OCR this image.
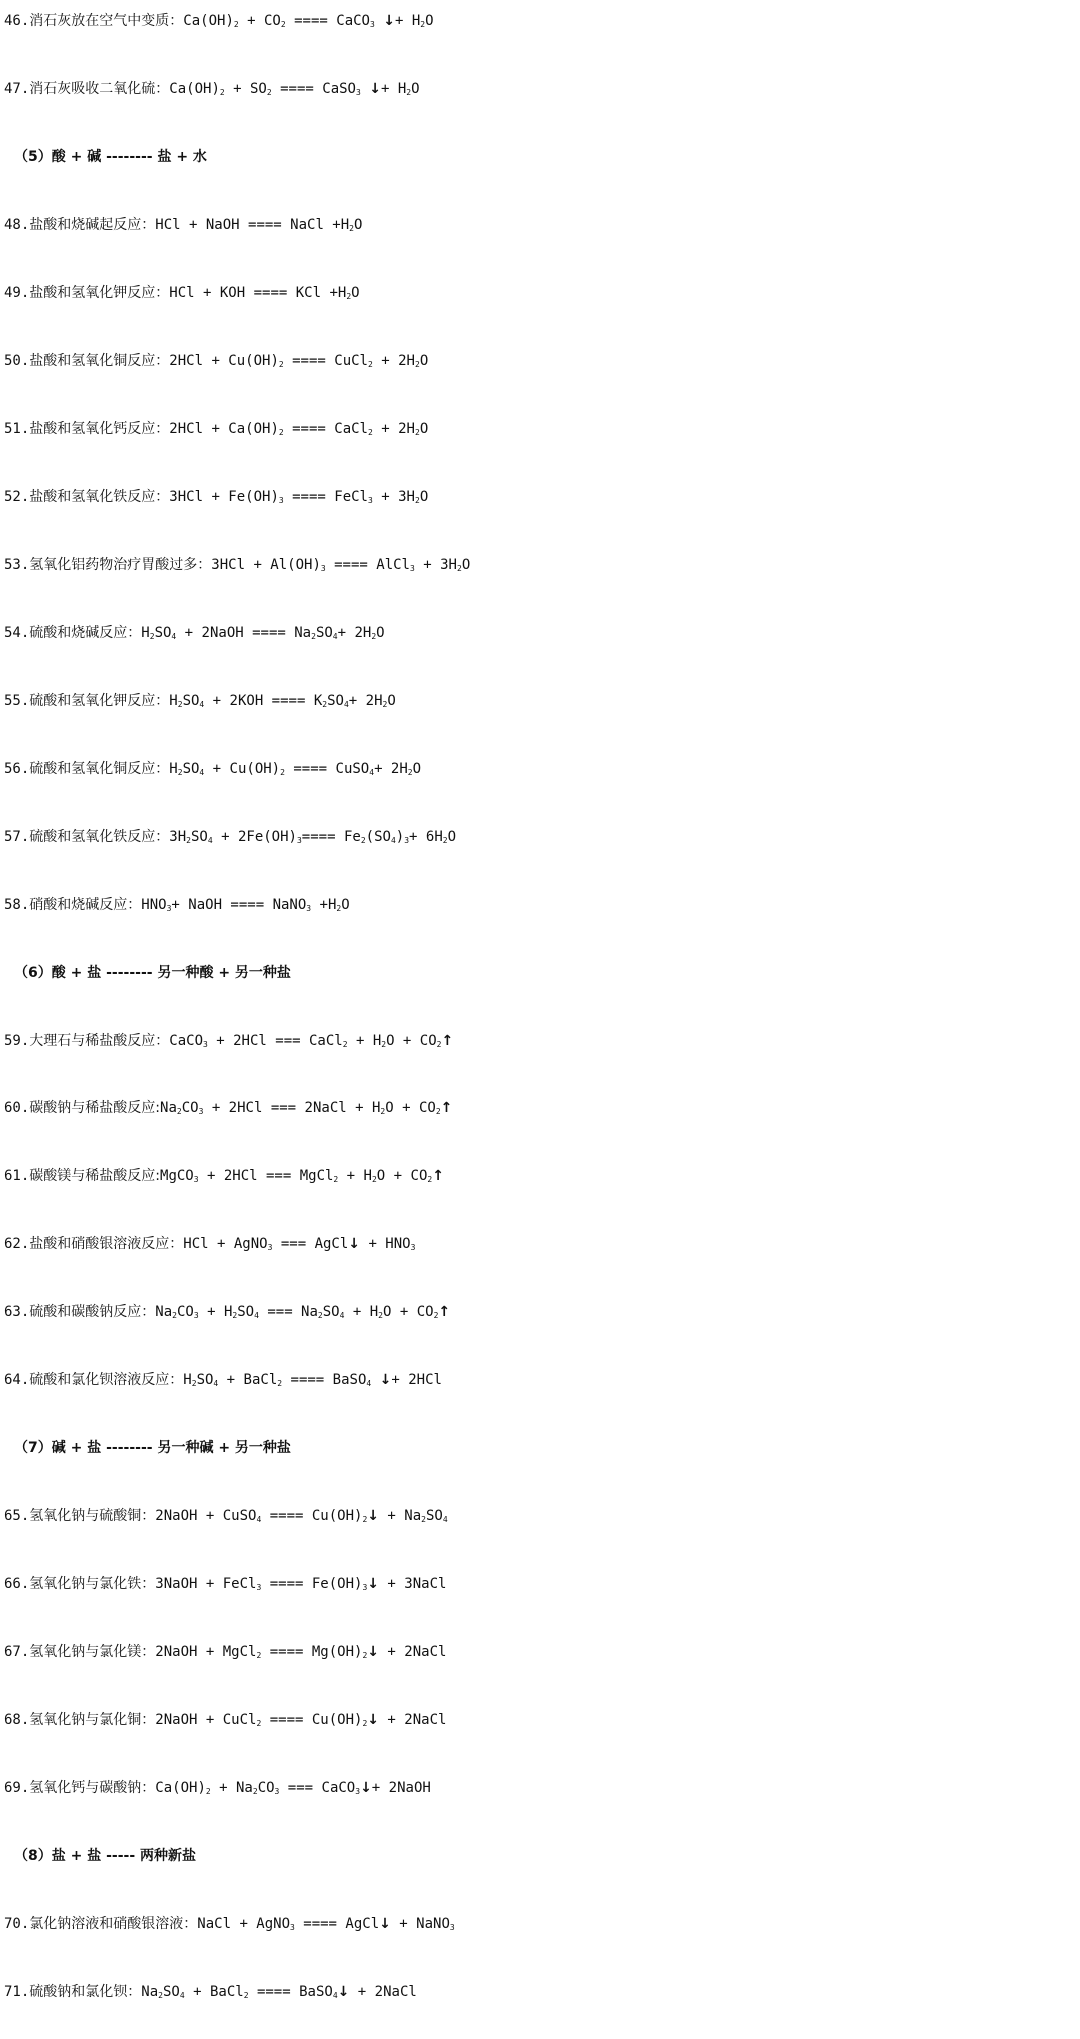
46.消石灰放在空气中变质：$Ca(OH)_2 + CO_2$ ==== CaCO$_3$ ↓+ $H_2O$
47.消石灰吸收二氧化硫：$Ca(OH)_2 + SO_2$ ==== CaSO$_3$ ↓+ $H_2O$
（5）酸 + 碱 -------- 盐 + 水
48.盐酸和烧碱起反应：HCl + NaOH ==== NaCl $+H_2O$
49.盐酸和氢氧化钾反应：HCl + KOH ==== KCl $+H_2O$
50.盐酸和氢氧化铜反应：$2HCl + Cu(OH)_2$ ==== CuCl$_2$ + $2H_2O$
51.盐酸和氢氧化钙反应：$2HCl + Ca(OH)_2$ ==== CaCl$_2$ + $2H_2O$
52.盐酸和氢氧化铁反应：$3HCl + Fe(OH)_3$ ==== FeCl$_3$ + $3H_2O$
53.氢氧化铝药物治疗胃酸过多：$3HCl + Al(OH)_3$ ==== AlCl$_3$ + $3H_2O$
54.硫酸和烧碱反应：$H_2SO_4$ + 2NaOH ==== $Na_2SO_4+ 2H_2O$
55.硫酸和氢氧化钾反应：$H_2SO_4 + 2KOH$ ==== $K_2SO_4+ 2H_2O$
56.硫酸和氢氧化铜反应：$H_2SO_4 + Cu(OH)_2$ ==== CuSO$_4$+ $2H_2O$
57.硫酸和氢氧化铁反应：$3H_2SO_4 + 2Fe(OH)_3==== Fe_2(SO_4)_3+ 6H_2O$
58.硝酸和烧碱反应：$HNO_3+$ NaOH ==== NaNO$_3$ $+H_2O$
（6）酸 + 盐 -------- 另一种酸 + 另一种盐
59.大理石与稀盐酸反应：CaCO$_3$ + 2HCl === CaCl$_2$ + $H_2O$ + $CO_2↑$
60.碳酸钠与稀盐酸反应$:Na_2CO_3 + 2HCl$ === 2NaCl + $H_2O$ + $CO_2↑$
61.碳酸镁与稀盐酸反应:MgCO$_3$ + 2HCl === MgCl$_2$ + $H_2O$ + $CO_2↑$
62.盐酸和硝酸银溶液反应：HCl + AgNO$_3$ === AgCl↓ + $HNO_3$
63.硫酸和碳酸钠反应：$Na_2CO_3 + H_2SO_4$ === $Na_2SO_4 + H_2O$ + $CO_2↑$
64.硫酸和氯化钡溶液反应：$H_2SO_4$ + BaCl$_2$ ==== BaSO$_4$ ↓+ 2HCl
（7）碱 + 盐 -------- 另一种碱 + 另一种盐
65.氢氧化钠与硫酸铜：2NaOH + CuSO$_4$ ==== $Cu(OH)_2↓ + Na_2SO_4$
66.氢氧化钠与氯化铁：3NaOH + FeCl$_3$ ==== $Fe(OH)_3↓$ + 3NaCl
67.氢氧化钠与氯化镁：2NaOH + MgCl$_2$ ==== $Mg(OH)_2↓$ + 2NaCl
68.氢氧化钠与氯化铜：2NaOH + CuCl$_2$ ==== $Cu(OH)_2↓$ + 2NaCl
69.氢氧化钙与碳酸钠：$Ca(OH)_2 + Na_2CO_3$ === CaCO$_3$↓+ 2NaOH
（8）盐 + 盐 ----- 两种新盐
70.氯化钠溶液和硝酸银溶液：NaCl + AgNO$_3$ ==== AgCl↓ + NaNO$_3$
71.硫酸钠和氯化钡：$Na_2SO_4$ + BaCl$_2$ ==== BaSO$_4$↓ + 2NaCl
